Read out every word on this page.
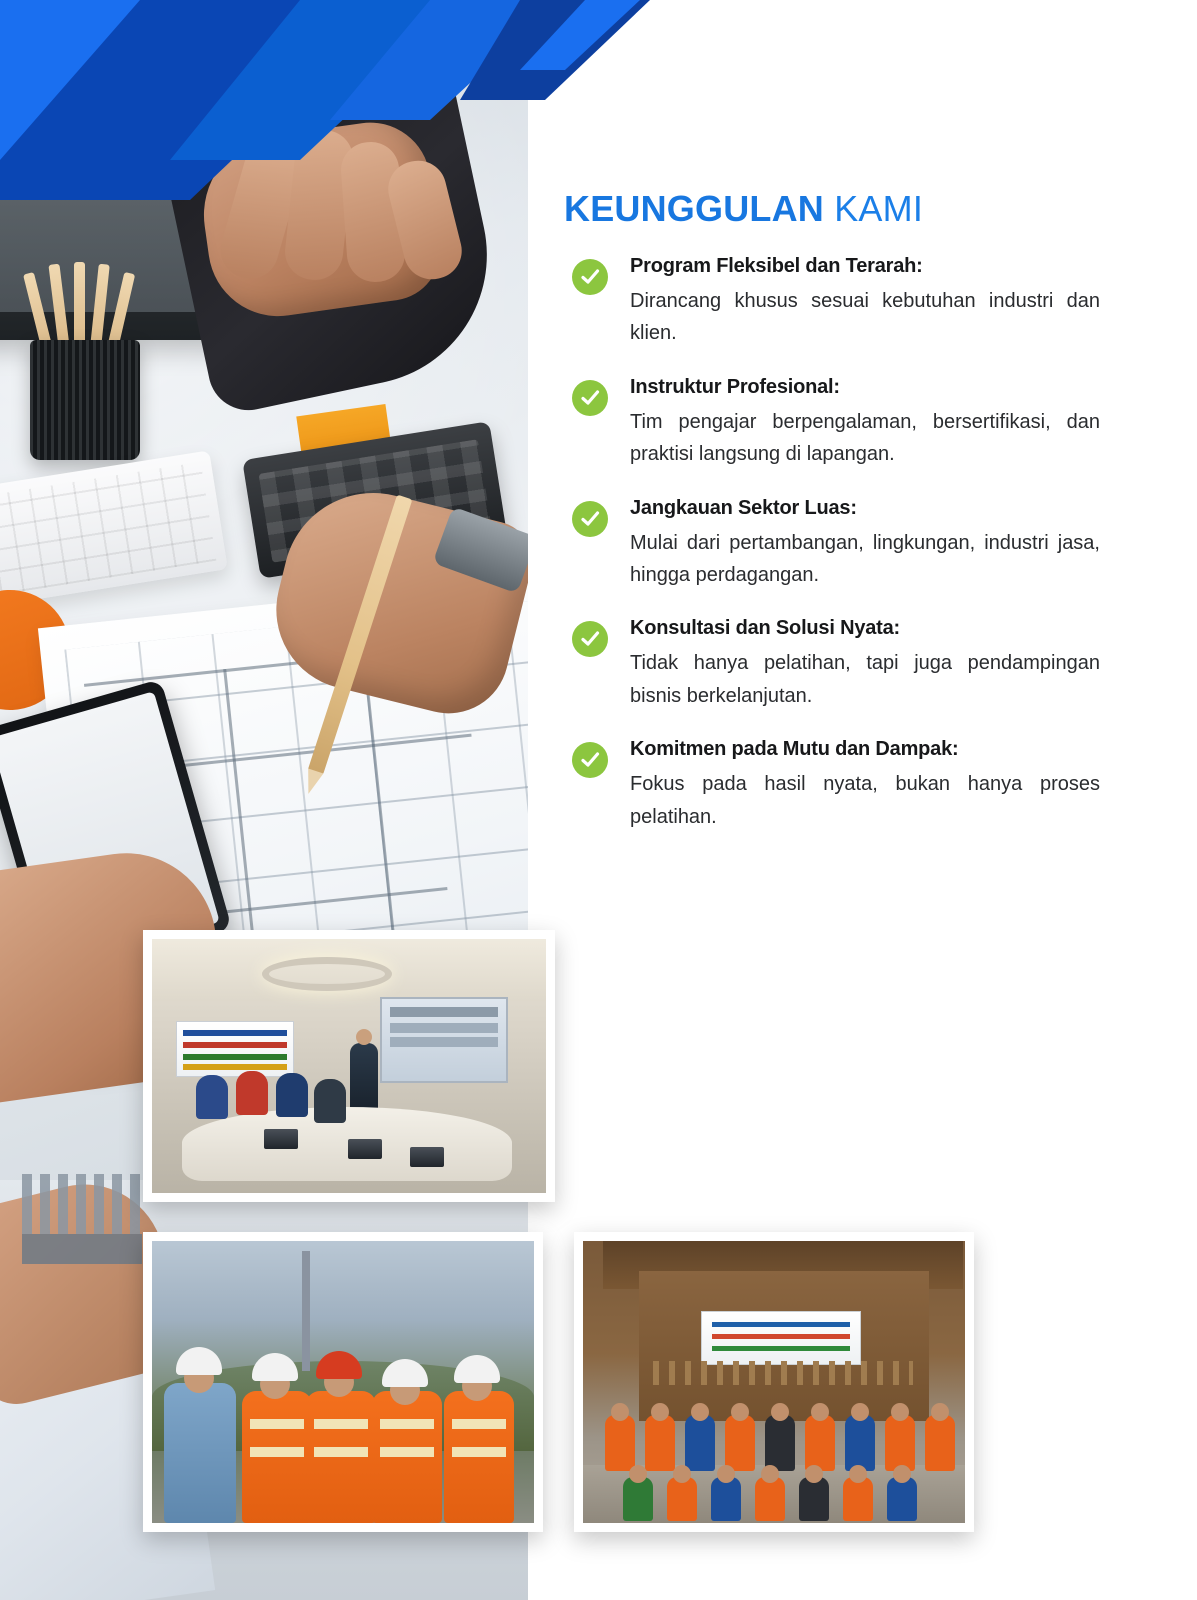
KEUNGGULAN KAMI
Program Fleksibel dan Terarah:
Dirancang khusus sesuai kebutuhan industri dan klien.
Instruktur Profesional:
Tim pengajar berpengalaman, bersertifikasi, dan praktisi langsung di lapangan.
Jangkauan Sektor Luas:
Mulai dari pertambangan, lingkungan, industri jasa, hingga perdagangan.
Konsultasi dan Solusi Nyata:
Tidak hanya pelatihan, tapi juga pendampingan bisnis berkelanjutan.
Komitmen pada Mutu dan Dampak:
Fokus pada hasil nyata, bukan hanya proses pelatihan.
